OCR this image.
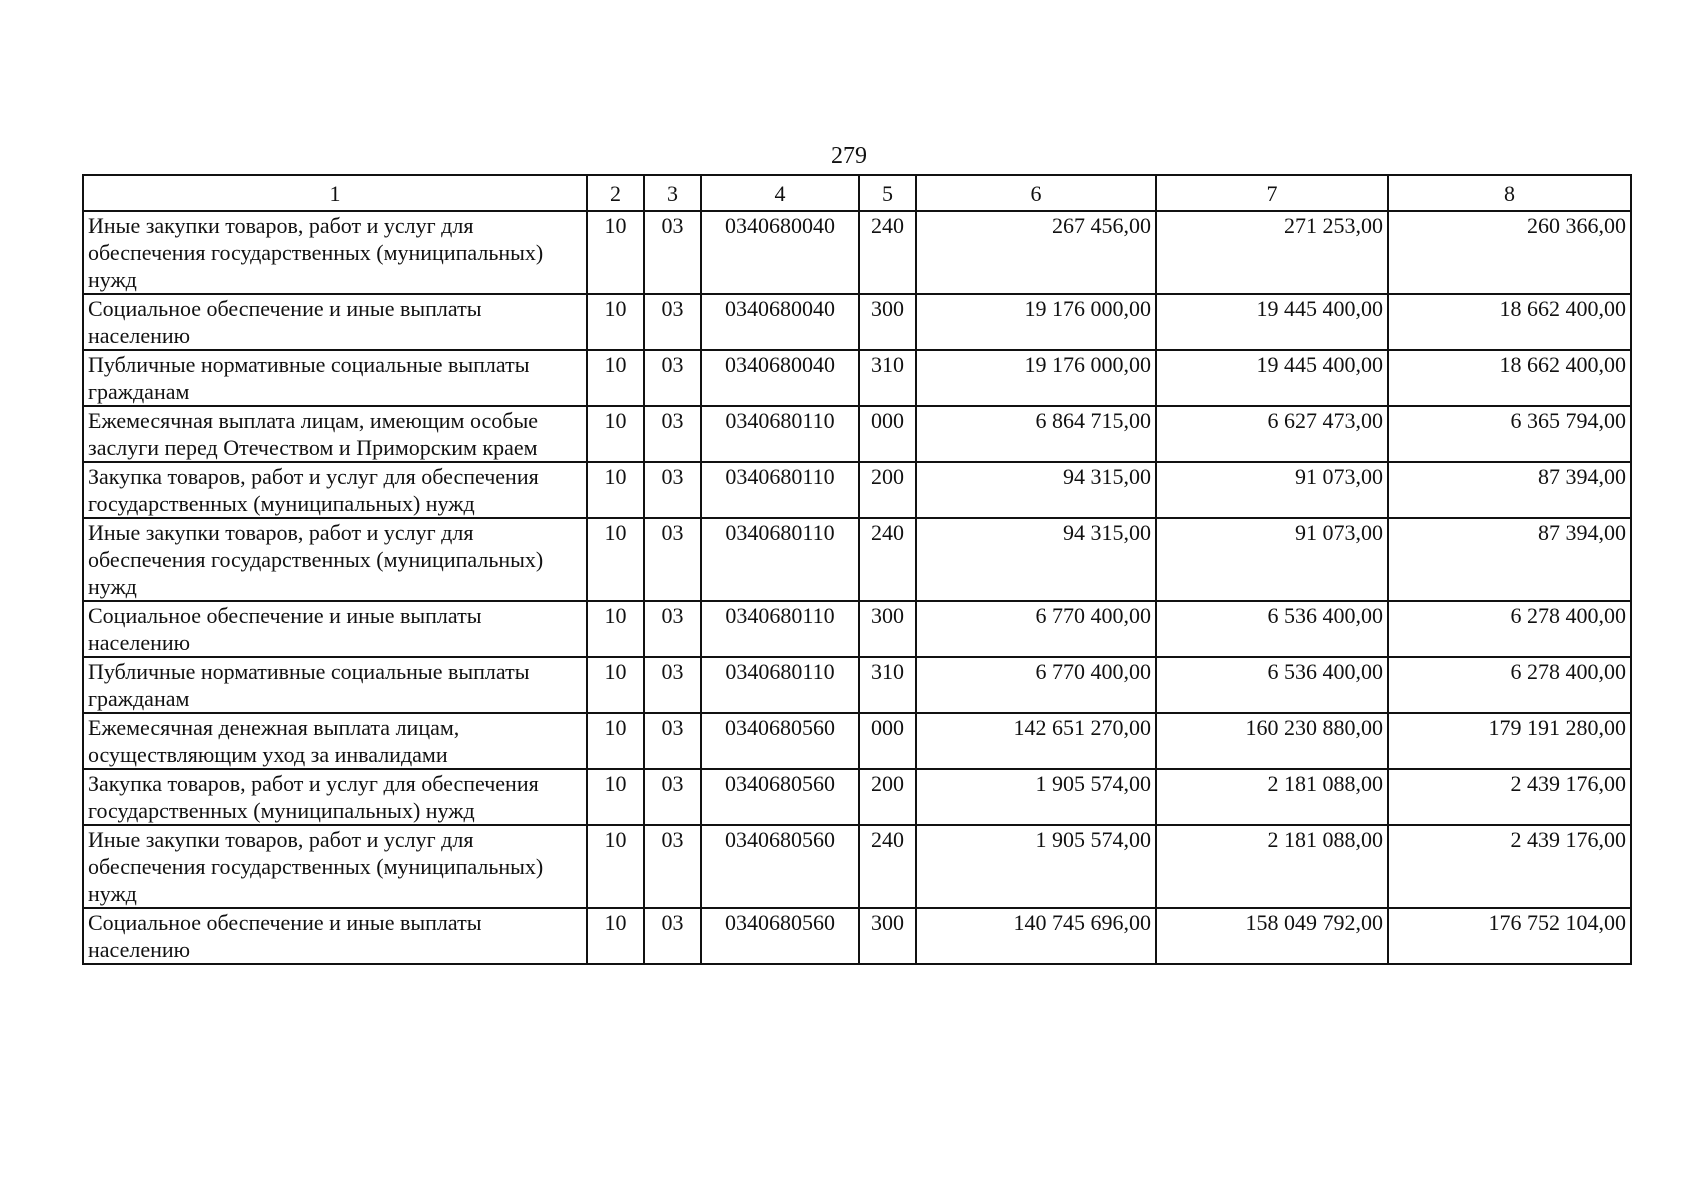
279
1	2	3	4	5	6	7	8
Иные закупки товаров, работ и услуг для обеспечения государственных (муниципальных) нужд	10	03	0340680040	240	267 456,00	271 253,00	260 366,00
Социальное обеспечение и иные выплаты населению	10	03	0340680040	300	19 176 000,00	19 445 400,00	18 662 400,00
Публичные нормативные социальные выплаты гражданам	10	03	0340680040	310	19 176 000,00	19 445 400,00	18 662 400,00
Ежемесячная выплата лицам, имеющим особые заслуги перед Отечеством и Приморским краем	10	03	0340680110	000	6 864 715,00	6 627 473,00	6 365 794,00
Закупка товаров, работ и услуг для обеспечения государственных (муниципальных) нужд	10	03	0340680110	200	94 315,00	91 073,00	87 394,00
Иные закупки товаров, работ и услуг для обеспечения государственных (муниципальных) нужд	10	03	0340680110	240	94 315,00	91 073,00	87 394,00
Социальное обеспечение и иные выплаты населению	10	03	0340680110	300	6 770 400,00	6 536 400,00	6 278 400,00
Публичные нормативные социальные выплаты гражданам	10	03	0340680110	310	6 770 400,00	6 536 400,00	6 278 400,00
Ежемесячная денежная выплата лицам, осуществляющим уход за инвалидами	10	03	0340680560	000	142 651 270,00	160 230 880,00	179 191 280,00
Закупка товаров, работ и услуг для обеспечения государственных (муниципальных) нужд	10	03	0340680560	200	1 905 574,00	2 181 088,00	2 439 176,00
Иные закупки товаров, работ и услуг для обеспечения государственных (муниципальных) нужд	10	03	0340680560	240	1 905 574,00	2 181 088,00	2 439 176,00
Социальное обеспечение и иные выплаты населению	10	03	0340680560	300	140 745 696,00	158 049 792,00	176 752 104,00
